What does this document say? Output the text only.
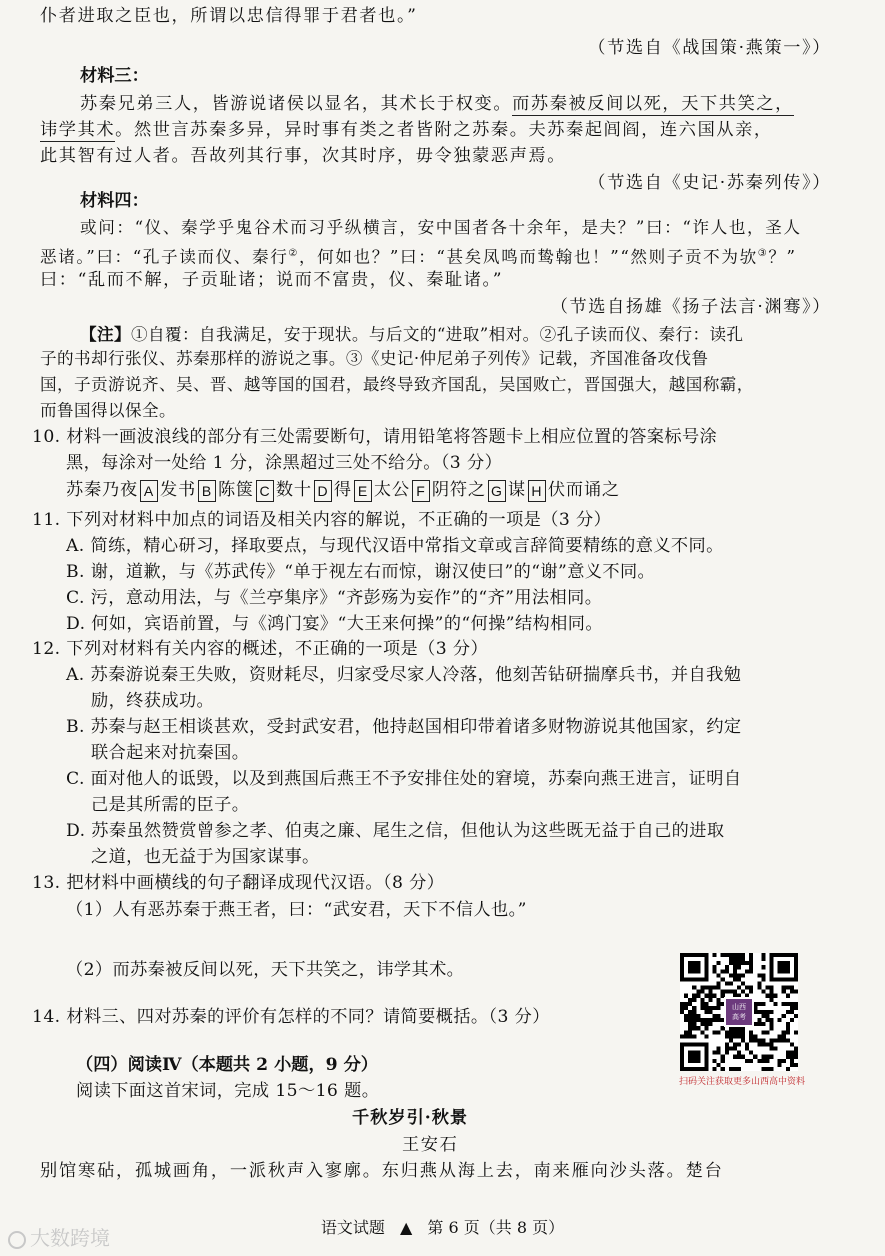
仆者进取之臣也，所谓以忠信得罪于君者也。”
（节选自《战国策·燕策一》）
材料三：
苏秦兄弟三人，皆游说诸侯以显名，其术长于权变。而苏秦被反间以死，天下共笑之，
讳学其术。然世言苏秦多异，异时事有类之者皆附之苏秦。夫苏秦起闾阎，连六国从亲，
此其智有过人者。吾故列其行事，次其时序，毋令独蒙恶声焉。
（节选自《史记·苏秦列传》）
材料四：
或问：“仪、秦学乎鬼谷术而习乎纵横言，安中国者各十余年，是夫？”曰：“诈人也，圣人
恶诸。”曰：“孔子读而仪、秦行②，何如也？”曰：“甚矣凤鸣而鸷翰也！”“然则子贡不为欤③？”
曰：“乱而不解，子贡耻诸；说而不富贵，仪、秦耻诸。”
（节选自扬雄《扬子法言·渊骞》）
【注】①自覆：自我满足，安于现状。与后文的“进取”相对。②孔子读而仪、秦行：读孔
子的书却行张仪、苏秦那样的游说之事。③《史记·仲尼弟子列传》记载，齐国准备攻伐鲁
国，子贡游说齐、吴、晋、越等国的国君，最终导致齐国乱，吴国败亡，晋国强大，越国称霸，
而鲁国得以保全。
10. 材料一画波浪线的部分有三处需要断句，请用铅笔将答题卡上相应位置的答案标号涂
黑，每涂对一处给 1 分，涂黑超过三处不给分。（3 分）
苏秦乃夜 A 发书 B 陈箧 C 数十 D 得 E 太公 F 阴符之 G 谋 H 伏而诵之
11. 下列对材料中加点的词语及相关内容的解说，不正确的一项是（3 分）
A. 简练，精心研习，择取要点，与现代汉语中常指文章或言辞简要精练的意义不同。
B. 谢，道歉，与《苏武传》“单于视左右而惊，谢汉使曰”的“谢”意义不同。
C. 污，意动用法，与《兰亭集序》“齐彭殇为妄作”的“齐”用法相同。
D. 何如，宾语前置，与《鸿门宴》“大王来何操”的“何操”结构相同。
12. 下列对材料有关内容的概述，不正确的一项是（3 分）
A. 苏秦游说秦王失败，资财耗尽，归家受尽家人冷落，他刻苦钻研揣摩兵书，并自我勉
励，终获成功。
B. 苏秦与赵王相谈甚欢，受封武安君，他持赵国相印带着诸多财物游说其他国家，约定
联合起来对抗秦国。
C. 面对他人的诋毁，以及到燕国后燕王不予安排住处的窘境，苏秦向燕王进言，证明自
己是其所需的臣子。
D. 苏秦虽然赞赏曾参之孝、伯夷之廉、尾生之信，但他认为这些既无益于自己的进取
之道，也无益于为国家谋事。
13. 把材料中画横线的句子翻译成现代汉语。（8 分）
（1）人有恶苏秦于燕王者，曰：“武安君，天下不信人也。”
（2）而苏秦被反间以死，天下共笑之，讳学其术。
14. 材料三、四对苏秦的评价有怎样的不同？请简要概括。（3 分）	山西
高考
扫码关注获取更多山西高中资料
（四）阅读Ⅳ（本题共 2 小题，9 分）
阅读下面这首宋词，完成 15～16 题。
千秋岁引·秋景
王安石
别馆寒砧，孤城画角，一派秋声入寥廓。东归燕从海上去，南来雁向沙头落。楚台
语文试题 ▲ 第 6 页（共 8 页）
大数跨境
